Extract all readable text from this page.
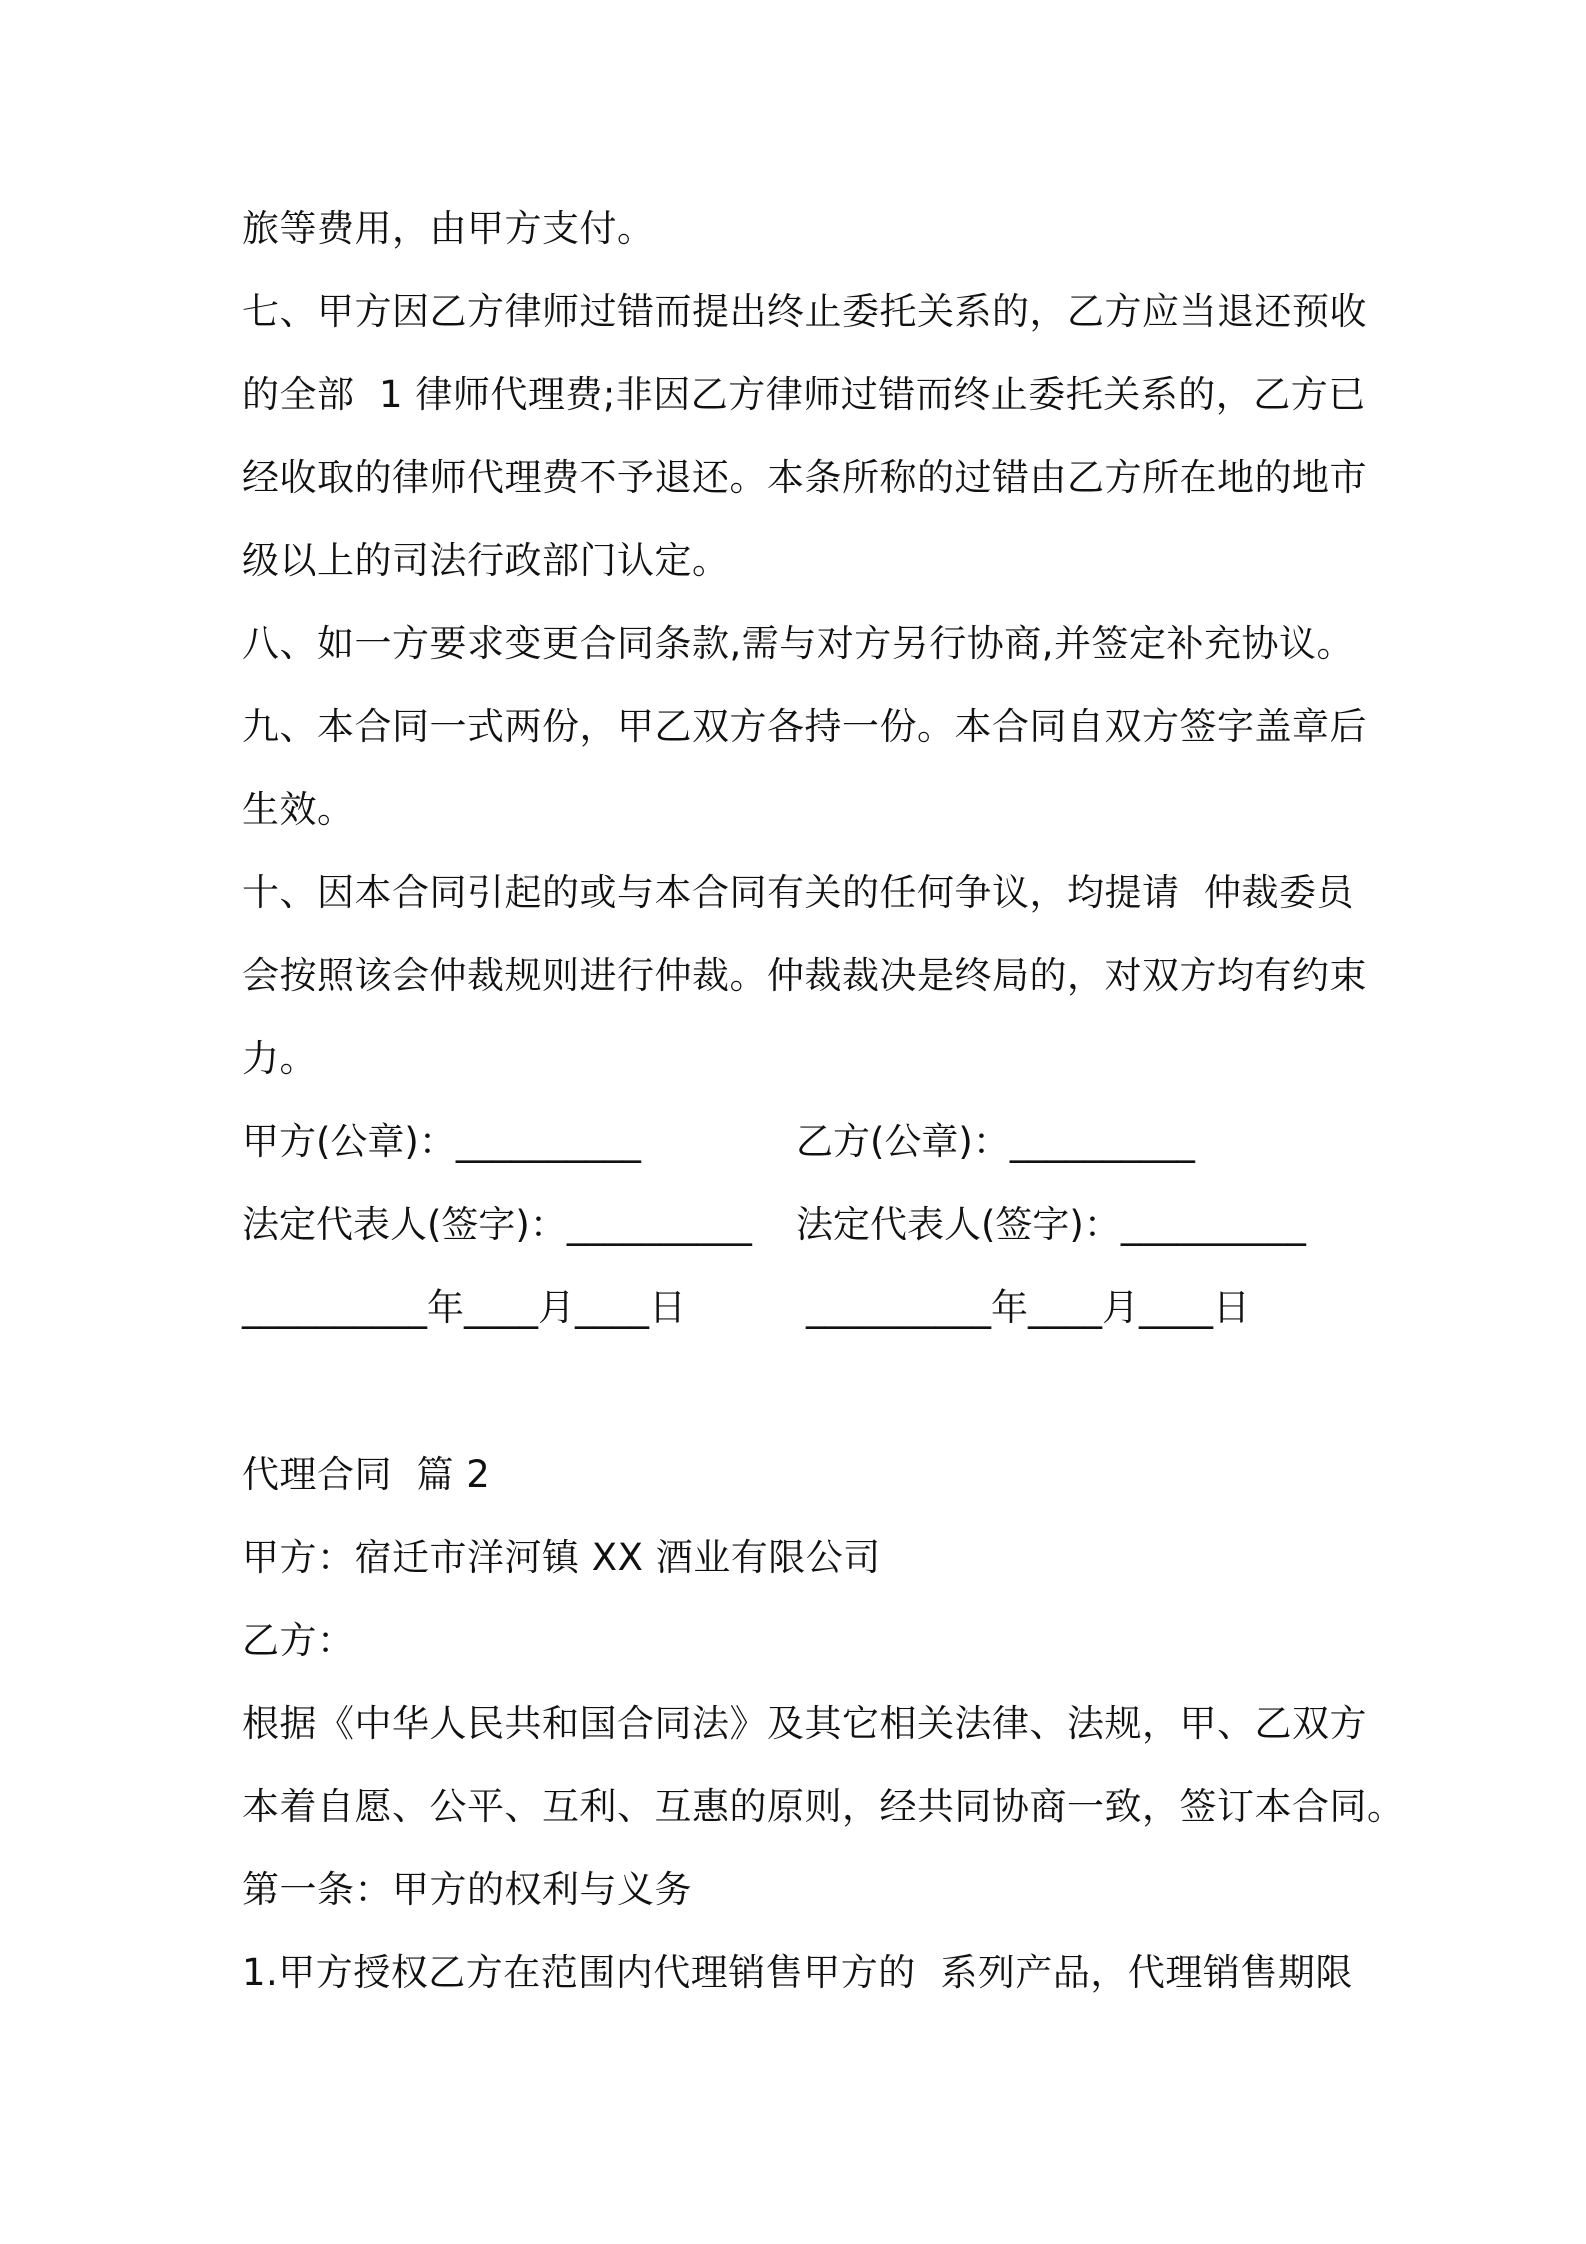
旅等费用，由甲方支付。
七、甲方因乙方律师过错而提出终止委托关系的，乙方应当退还预收
的全部  1 律师代理费;非因乙方律师过错而终止委托关系的，乙方已
经收取的律师代理费不予退还。本条所称的过错由乙方所在地的地市
级以上的司法行政部门认定。
八、如一方要求变更合同条款,需与对方另行协商,并签定补充协议。
九、本合同一式两份，甲乙双方各持一份。本合同自双方签字盖章后
生效。
十、因本合同引起的或与本合同有关的任何争议，均提请  仲裁委员
会按照该会仲裁规则进行仲裁。仲裁裁决是终局的，对双方均有约束
力。

甲方(公章)：__________

	乙方(公章)：__________

法定代表人(签字)：__________

法定代表人(签字)：__________

__________年____月____日

	__________年____月____日

代理合同  篇 2
甲方：宿迁市洋河镇 XX 酒业有限公司
乙方：
根据《中华人民共和国合同法》及其它相关法律、法规，甲、乙双方
本着自愿、公平、互利、互惠的原则，经共同协商一致，签订本合同。
第一条：甲方的权利与义务
1.甲方授权乙方在范围内代理销售甲方的  系列产品，代理销售期限
